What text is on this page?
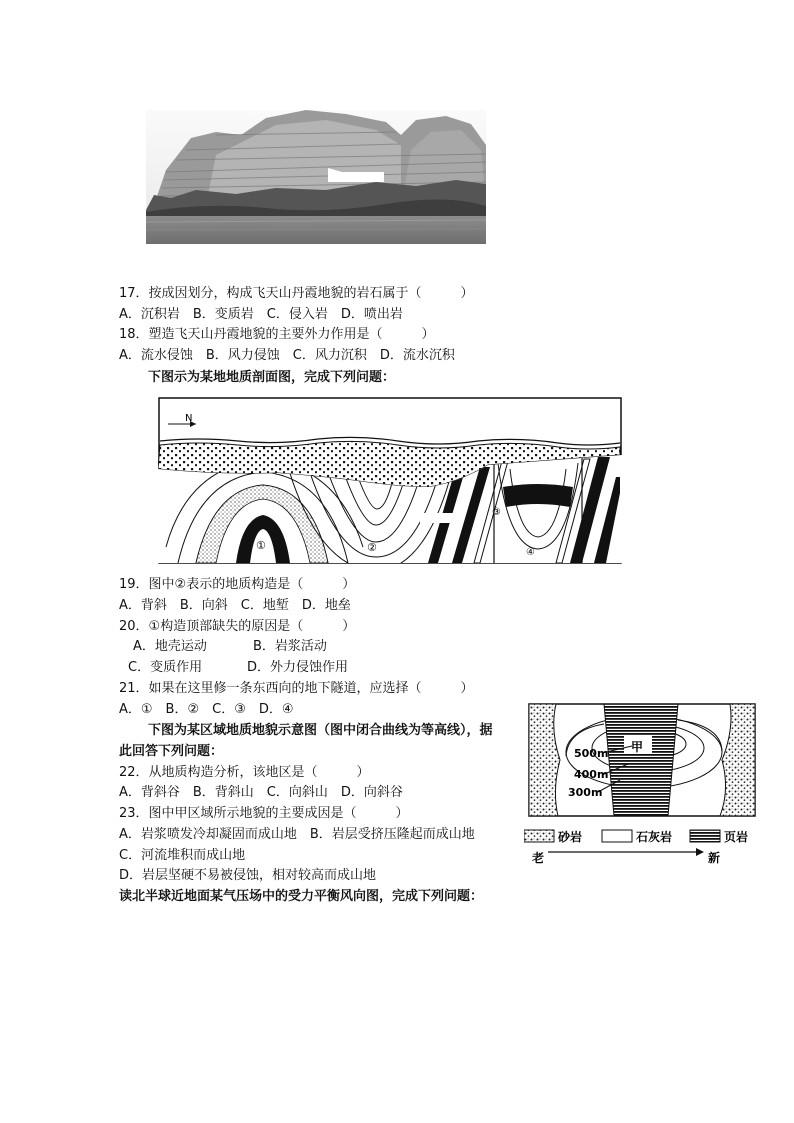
17．按成因划分，构成飞天山丹霞地貌的岩石属于（　　　）
A．沉积岩　B．变质岩　C．侵入岩　D．喷出岩
18．塑造飞天山丹霞地貌的主要外力作用是（　　　）
A．流水侵蚀　B．风力侵蚀　C．风力沉积　D．流水沉积
下图示为某地地质剖面图，完成下列问题：
N
①	②
③
④
19．图中②表示的地质构造是（　　　）
A．背斜　B．向斜　C．地堑　D．地垒
20．①构造顶部缺失的原因是（　　　）
A．地壳运动	B．岩浆活动
C．变质作用	D．外力侵蚀作用
21．如果在这里修一条东西向的地下隧道，应选择（　　　）
A．①　B．②　C．③　D．④
下图为某区域地质地貌示意图（图中闭合曲线为等高线），据
此回答下列问题：
22．从地质构造分析，该地区是（　　　）
A．背斜谷　B．背斜山　C．向斜山　D．向斜谷
23．图中甲区域所示地貌的主要成因是（　　　）
A．岩浆喷发冷却凝固而成山地　B．岩层受挤压隆起而成山地
C．河流堆积而成山地
D．岩层坚硬不易被侵蚀，相对较高而成山地
读北半球近地面某气压场中的受力平衡风向图，完成下列问题：
甲
500m
400m
300m
砂岩	石灰岩	页岩
老	新
